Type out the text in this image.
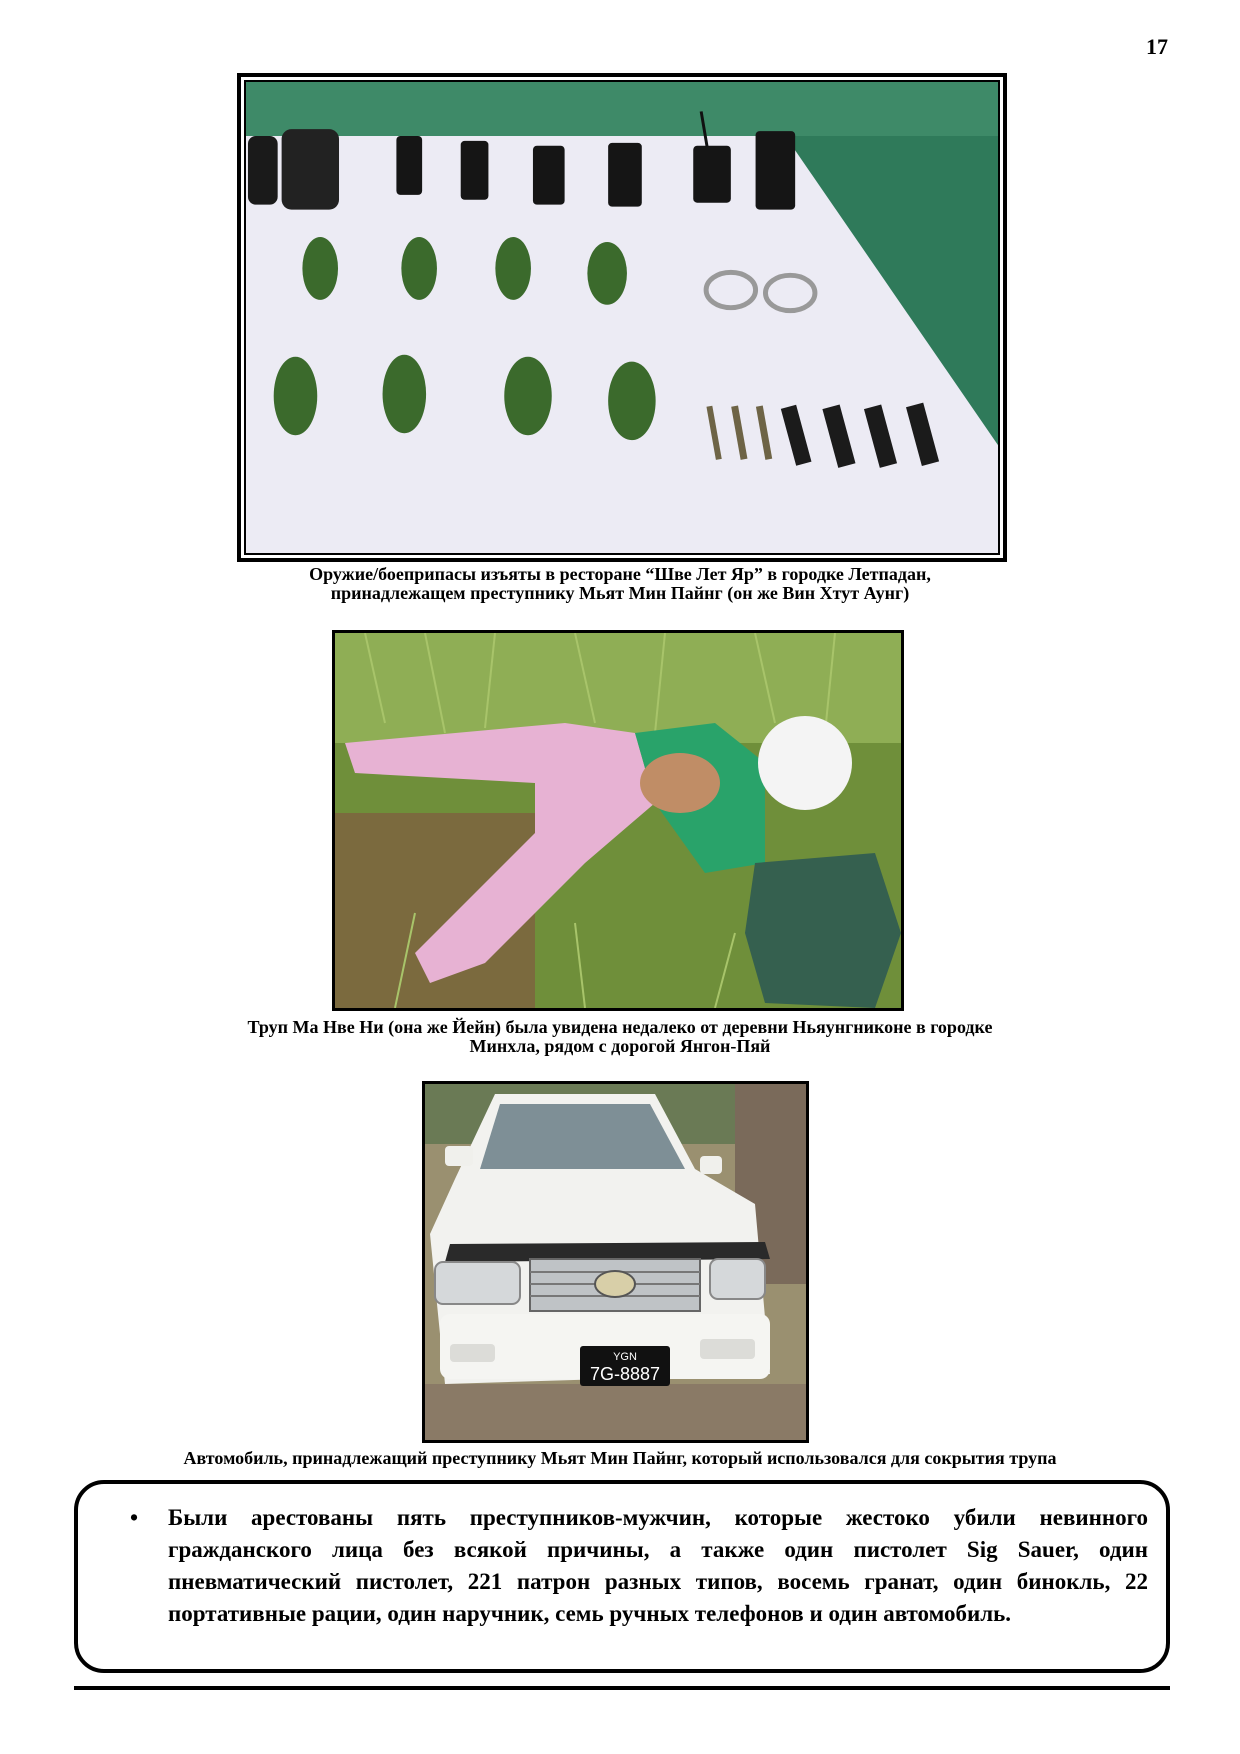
17
Оружие/боеприпасы изъяты в ресторане “Шве Лет Яр” в городке Летпадан,
принадлежащем преступнику Мьят Мин Пайнг (он же Вин Хтут Аунг)
Труп Ма Нве Ни (она же Йейн) была увидена недалеко от деревни Ньяунгниконе в городке
Минхла, рядом с дорогой Янгон-Пяй
YGN
7G-8887
Автомобиль, принадлежащий преступнику Мьят Мин Пайнг, который использовался для сокрытия трупа
• Были арестованы пять преступников-мужчин, которые жестоко убили невинного гражданского лица без всякой причины, а также один пистолет Sig Sauer, один пневматический пистолет, 221 патрон разных типов, восемь гранат, один бинокль, 22 портативные рации, один наручник, семь ручных телефонов и один автомобиль.
